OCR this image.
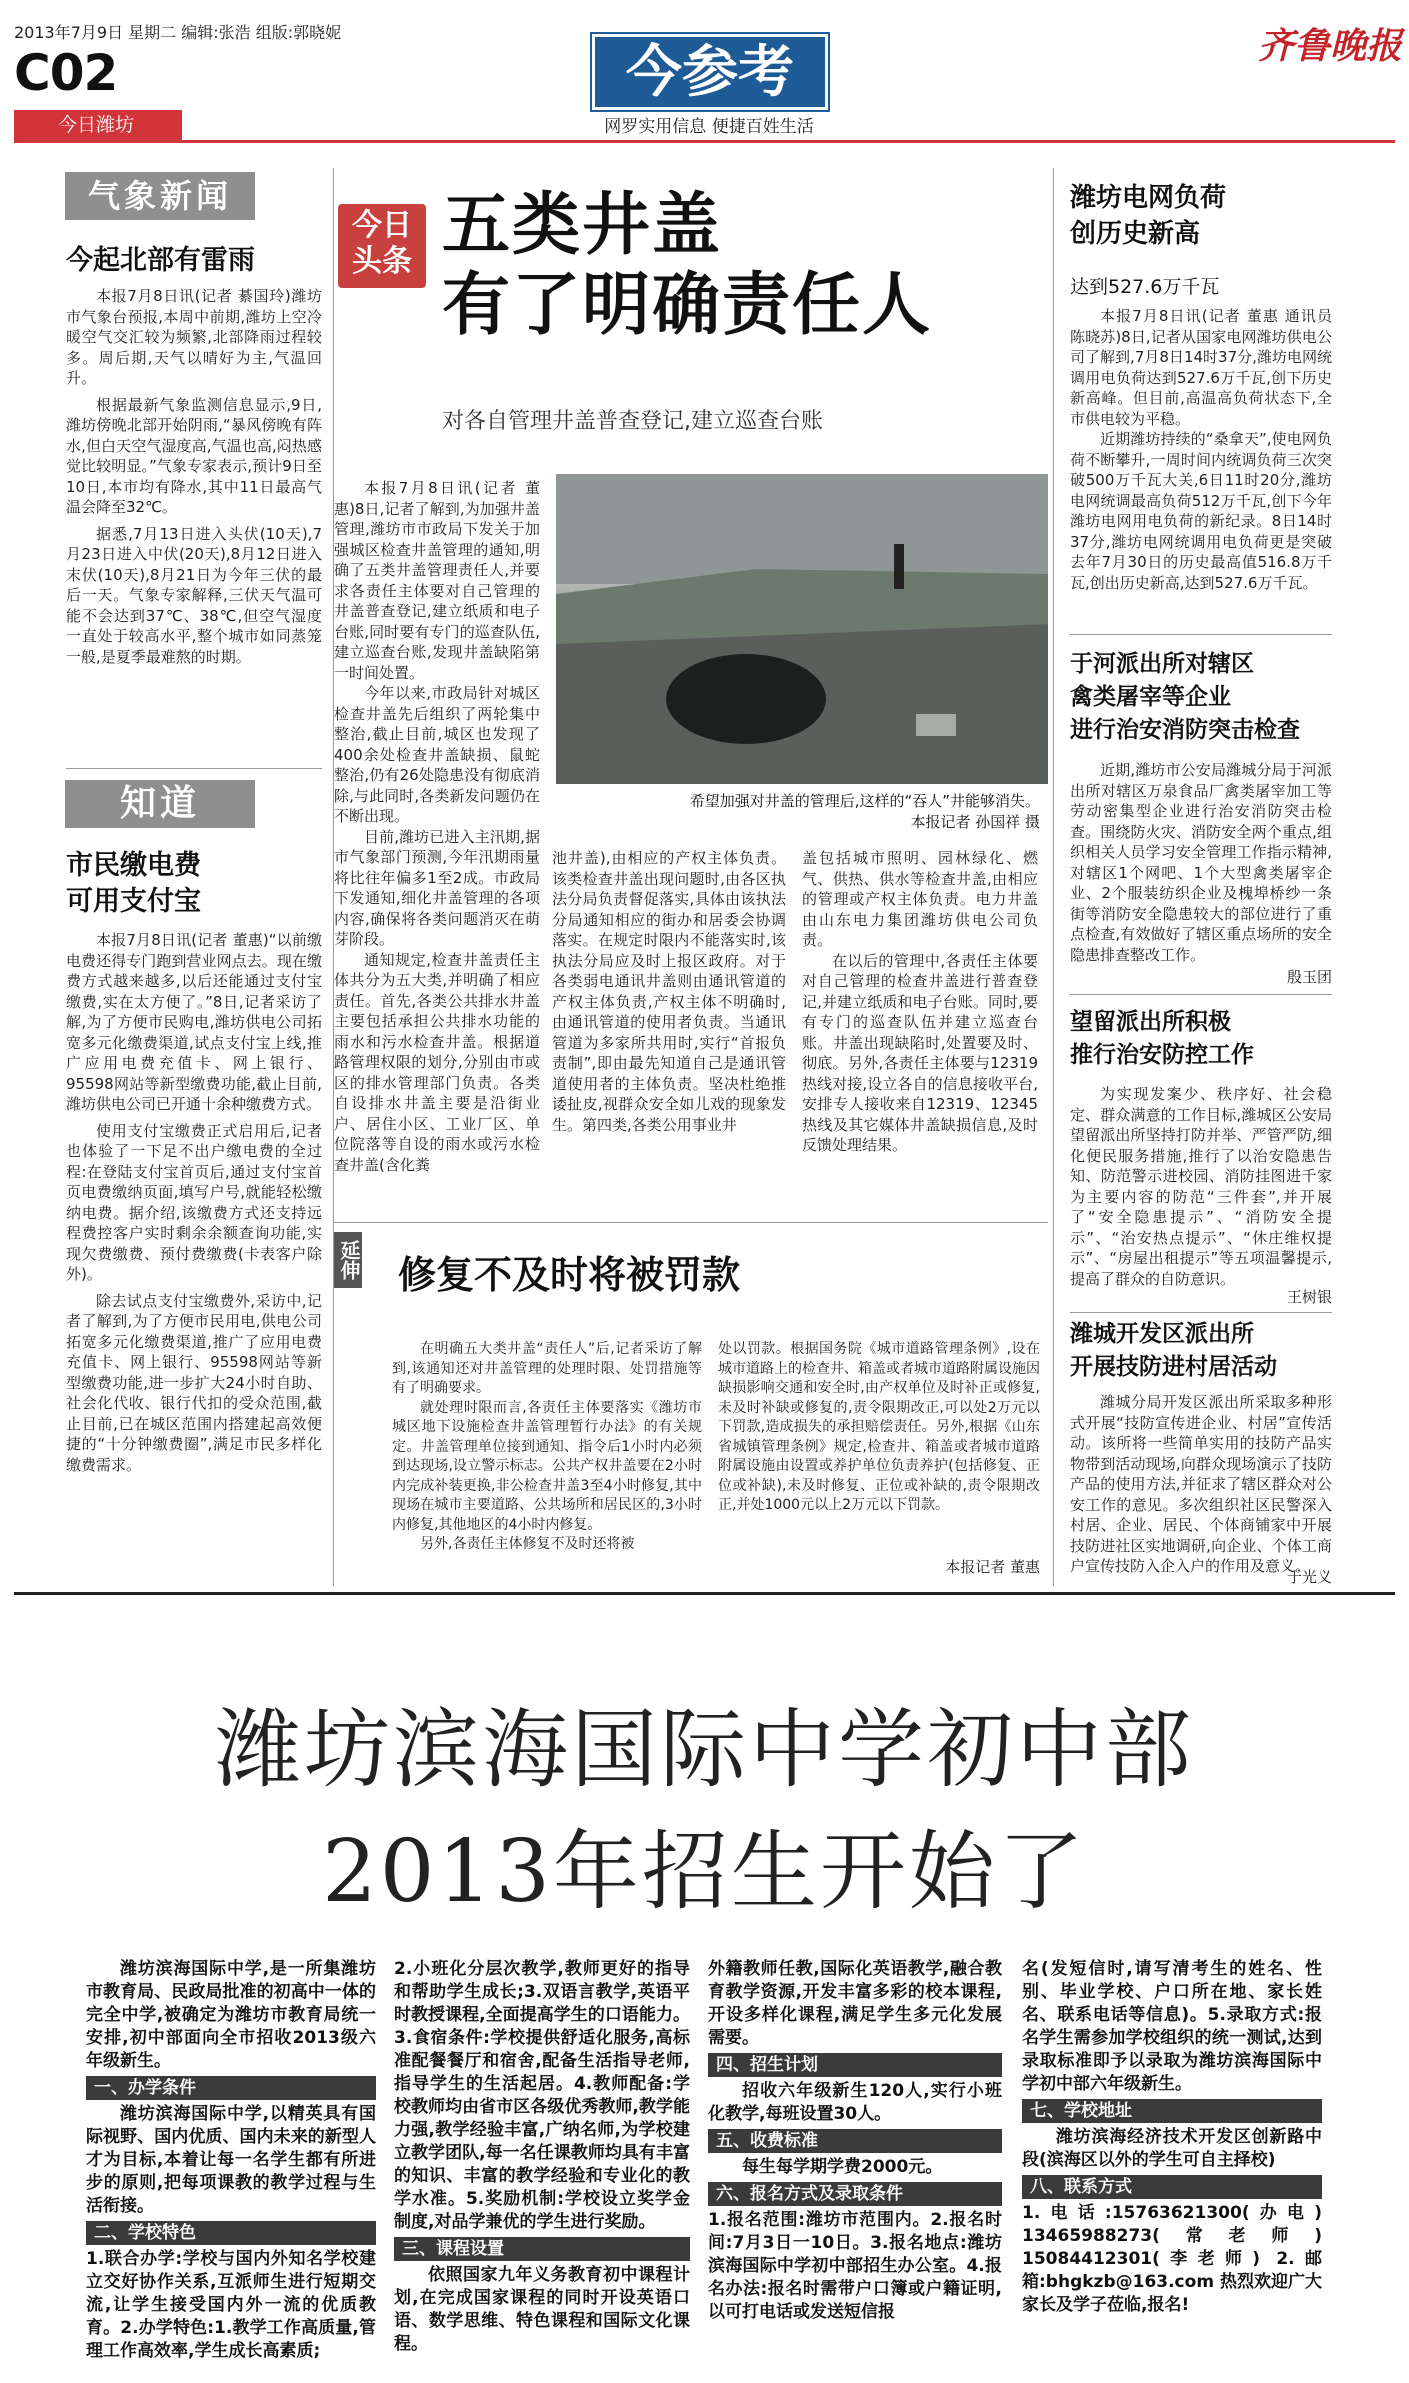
2013年7月9日 星期二 编辑:张浩 组版:郭晓妮
C02
今日潍坊
今参考
网罗实用信息 便捷百姓生活
齐鲁晚报
气象新闻
今起北部有雷雨
本报7月8日讯(记者 綦国玲)潍坊市气象台预报,本周中前期,潍坊上空冷暖空气交汇较为频繁,北部降雨过程较多。周后期,天气以晴好为主,气温回升。
根据最新气象监测信息显示,9日,潍坊傍晚北部开始阴雨,“暴风傍晚有阵水,但白天空气湿度高,气温也高,闷热感觉比较明显。”气象专家表示,预计9日至10日,本市均有降水,其中11日最高气温会降至32℃。
据悉,7月13日进入头伏(10天),7月23日进入中伏(20天),8月12日进入末伏(10天),8月21日为今年三伏的最后一天。气象专家解释,三伏天气温可能不会达到37℃、38℃,但空气湿度一直处于较高水平,整个城市如同蒸笼一般,是夏季最难熬的时期。
知道
市民缴电费
可用支付宝
本报7月8日讯(记者 董惠)“以前缴电费还得专门跑到营业网点去。现在缴费方式越来越多,以后还能通过支付宝缴费,实在太方便了。”8日,记者采访了解,为了方便市民购电,潍坊供电公司拓宽多元化缴费渠道,试点支付宝上线,推广应用电费充值卡、网上银行、95598网站等新型缴费功能,截止目前,潍坊供电公司已开通十余种缴费方式。
使用支付宝缴费正式启用后,记者也体验了一下足不出户缴电费的全过程:在登陆支付宝首页后,通过支付宝首页电费缴纳页面,填写户号,就能轻松缴纳电费。据介绍,该缴费方式还支持远程费控客户实时剩余余额查询功能,实现欠费缴费、预付费缴费(卡表客户除外)。
除去试点支付宝缴费外,采访中,记者了解到,为了方便市民用电,供电公司拓宽多元化缴费渠道,推广了应用电费充值卡、网上银行、95598网站等新型缴费功能,进一步扩大24小时自助、社会化代收、银行代扣的受众范围,截止目前,已在城区范围内搭建起高效便捷的“十分钟缴费圈”,满足市民多样化缴费需求。
今日
头条 五类井盖
有了明确责任人
对各自管理井盖普查登记,建立巡查台账
本报7月8日讯(记者 董惠)8日,记者了解到,为加强井盖管理,潍坊市市政局下发关于加强城区检查井盖管理的通知,明确了五类井盖管理责任人,并要求各责任主体要对自己管理的井盖普查登记,建立纸质和电子台账,同时要有专门的巡查队伍,建立巡查台账,发现井盖缺陷第一时间处置。
今年以来,市政局针对城区检查井盖先后组织了两轮集中整治,截止目前,城区也发现了400余处检查井盖缺损、鼠蛇整治,仍有26处隐患没有彻底消除,与此同时,各类新发问题仍在不断出现。
目前,潍坊已进入主汛期,据市气象部门预测,今年汛期雨量将比往年偏多1至2成。市政局下发通知,细化井盖管理的各项内容,确保将各类问题消灭在萌芽阶段。
通知规定,检查井盖责任主体共分为五大类,并明确了相应责任。首先,各类公共排水井盖主要包括承担公共排水功能的雨水和污水检查井盖。根据道路管理权限的划分,分别由市或区的排水管理部门负责。各类自设排水井盖主要是沿街业户、居住小区、工业厂区、单位院落等自设的雨水或污水检查井盖(含化粪
希望加强对井盖的管理后,这样的“吞人”井能够消失。
本报记者 孙国祥 摄
池井盖),由相应的产权主体负责。该类检查井盖出现问题时,由各区执法分局负责督促落实,具体由该执法分局通知相应的街办和居委会协调落实。在规定时限内不能落实时,该执法分局应及时上报区政府。对于各类弱电通讯井盖则由通讯管道的产权主体负责,产权主体不明确时,由通讯管道的使用者负责。当通讯管道为多家所共用时,实行“首报负责制”,即由最先知道自己是通讯管道使用者的主体负责。坚决杜绝推诿扯皮,视群众安全如儿戏的现象发生。第四类,各类公用事业井
盖包括城市照明、园林绿化、燃气、供热、供水等检查井盖,由相应的管理或产权主体负责。电力井盖由山东电力集团潍坊供电公司负责。
在以后的管理中,各责任主体要对自己管理的检查井盖进行普查登记,并建立纸质和电子台账。同时,要有专门的巡查队伍并建立巡查台账。井盖出现缺陷时,处置要及时、彻底。另外,各责任主体要与12319热线对接,设立各自的信息接收平台,安排专人接收来自12319、12345热线及其它媒体井盖缺损信息,及时反馈处理结果。
延伸 修复不及时将被罚款
在明确五大类井盖“责任人”后,记者采访了解到,该通知还对井盖管理的处理时限、处罚措施等有了明确要求。
就处理时限而言,各责任主体要落实《潍坊市城区地下设施检查井盖管理暂行办法》的有关规定。井盖管理单位接到通知、指令后1小时内必须到达现场,设立警示标志。公共产权井盖要在2小时内完成补装更换,非公检查井盖3至4小时修复,其中现场在城市主要道路、公共场所和居民区的,3小时内修复,其他地区的4小时内修复。
另外,各责任主体修复不及时还将被
处以罚款。根据国务院《城市道路管理条例》,设在城市道路上的检查井、箱盖或者城市道路附属设施因缺损影响交通和安全时,由产权单位及时补正或修复,未及时补缺或修复的,责令限期改正,可以处2万元以下罚款,造成损失的承担赔偿责任。另外,根据《山东省城镇管理条例》规定,检查井、箱盖或者城市道路附属设施由设置或养护单位负责养护(包括修复、正位或补缺),未及时修复、正位或补缺的,责令限期改正,并处1000元以上2万元以下罚款。
本报记者 董惠
潍坊电网负荷
创历史新高
达到527.6万千瓦
本报7月8日讯(记者 董惠 通讯员 陈晓苏)8日,记者从国家电网潍坊供电公司了解到,7月8日14时37分,潍坊电网统调用电负荷达到527.6万千瓦,创下历史新高峰。但目前,高温高负荷状态下,全市供电较为平稳。
近期潍坊持续的“桑拿天”,使电网负荷不断攀升,一周时间内统调负荷三次突破500万千瓦大关,6日11时20分,潍坊电网统调最高负荷512万千瓦,创下今年潍坊电网用电负荷的新纪录。8日14时37分,潍坊电网统调用电负荷更是突破去年7月30日的历史最高值516.8万千瓦,创出历史新高,达到527.6万千瓦。
于河派出所对辖区
禽类屠宰等企业
进行治安消防突击检查
近期,潍坊市公安局潍城分局于河派出所对辖区万泉食品厂禽类屠宰加工等劳动密集型企业进行治安消防突击检查。围绕防火灾、消防安全两个重点,组织相关人员学习安全管理工作指示精神,对辖区1个网吧、1个大型禽类屠宰企业、2个服装纺织企业及槐埠桥纱一条街等消防安全隐患较大的部位进行了重点检查,有效做好了辖区重点场所的安全隐患排查整改工作。
殷玉团
望留派出所积极
推行治安防控工作
为实现发案少、秩序好、社会稳定、群众满意的工作目标,潍城区公安局望留派出所坚持打防并举、严管严防,细化便民服务措施,推行了以治安隐患告知、防范警示进校园、消防挂图进千家为主要内容的防范“三件套”,并开展了“安全隐患提示”、“消防安全提示”、“治安热点提示”、“休庄维权提示”、“房屋出租提示”等五项温馨提示,提高了群众的自防意识。
王树银
潍城开发区派出所
开展技防进村居活动
潍城分局开发区派出所采取多种形式开展“技防宣传进企业、村居”宣传活动。该所将一些简单实用的技防产品实物带到活动现场,向群众现场演示了技防产品的使用方法,并征求了辖区群众对公安工作的意见。多次组织社区民警深入村居、企业、居民、个体商铺家中开展技防进社区实地调研,向企业、个体工商户宣传技防入企入户的作用及意义。
于光义
潍坊滨海国际中学初中部
2013年招生开始了
潍坊滨海国际中学,是一所集潍坊市教育局、民政局批准的初高中一体的完全中学,被确定为潍坊市教育局统一安排,初中部面向全市招收2013级六年级新生。
一、办学条件
潍坊滨海国际中学,以精英具有国际视野、国内优质、国内未来的新型人才为目标,本着让每一名学生都有所进步的原则,把每项课教的教学过程与生活衔接。
二、学校特色
1.联合办学:学校与国内外知名学校建立交好协作关系,互派师生进行短期交流,让学生接受国内外一流的优质教育。2.办学特色:1.教学工作高质量,管理工作高效率,学生成长高素质;
2.小班化分层次教学,教师更好的指导和帮助学生成长;3.双语言教学,英语平时教授课程,全面提高学生的口语能力。3.食宿条件:学校提供舒适化服务,高标准配餐餐厅和宿舍,配备生活指导老师,指导学生的生活起居。4.教师配备:学校教师均由省市区各级优秀教师,教学能力强,教学经验丰富,广纳名师,为学校建立教学团队,每一名任课教师均具有丰富的知识、丰富的教学经验和专业化的教学水准。5.奖励机制:学校设立奖学金制度,对品学兼优的学生进行奖励。
三、课程设置
依照国家九年义务教育初中课程计划,在完成国家课程的同时开设英语口语、数学思维、特色课程和国际文化课程。
外籍教师任教,国际化英语教学,融合教育教学资源,开发丰富多彩的校本课程,开设多样化课程,满足学生多元化发展需要。
四、招生计划
招收六年级新生120人,实行小班化教学,每班设置30人。
五、收费标准
每生每学期学费2000元。
六、报名方式及录取条件
1.报名范围:潍坊市范围内。2.报名时间:7月3日一10日。3.报名地点:潍坊滨海国际中学初中部招生办公室。4.报名办法:报名时需带户口簿或户籍证明,以可打电话或发送短信报
名(发短信时,请写清考生的姓名、性别、毕业学校、户口所在地、家长姓名、联系电话等信息)。5.录取方式:报名学生需参加学校组织的统一测试,达到录取标准即予以录取为潍坊滨海国际中学初中部六年级新生。
七、学校地址
潍坊滨海经济技术开发区创新路中段(滨海区以外的学生可自主择校)
八、联系方式
1.电话:15763621300(办电) 13465988273(常老师) 15084412301(李老师) 2.邮箱:bhgkzb@163.com 热烈欢迎广大家长及学子莅临,报名!
